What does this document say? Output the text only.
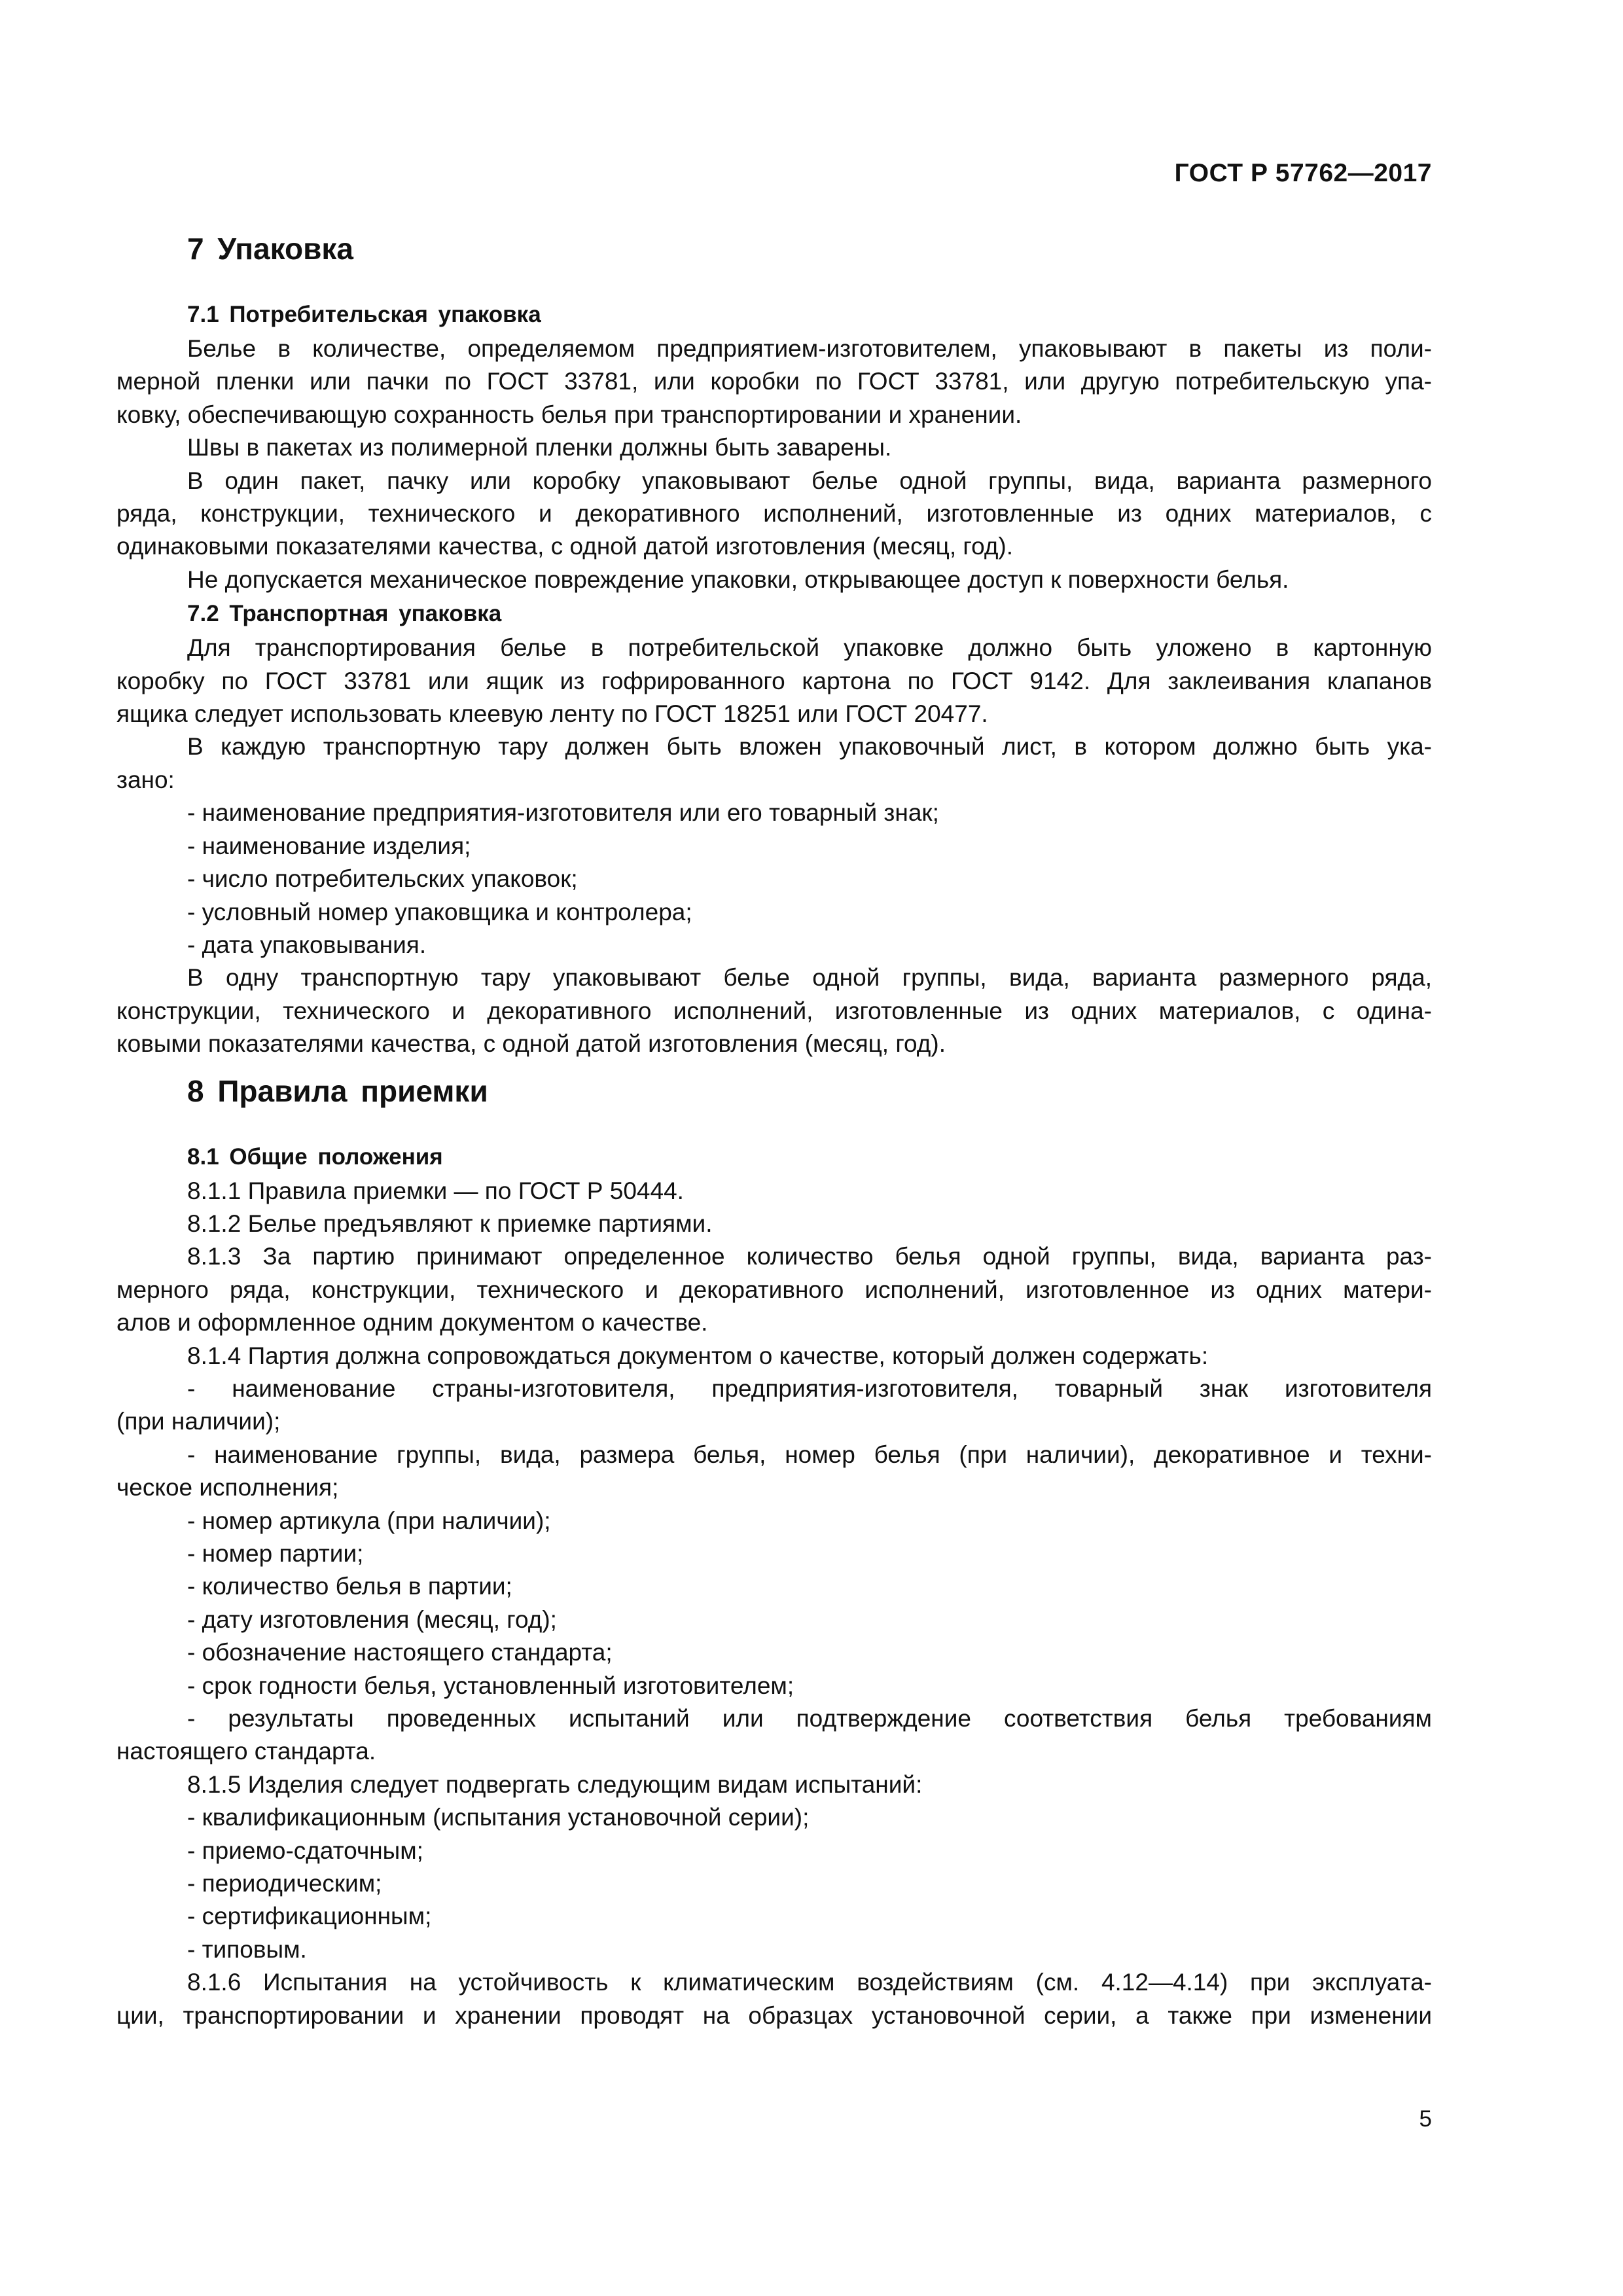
ГОСТ Р 57762—2017
7 Упаковка
7.1 Потребительская упаковка
Белье в количестве, определяемом предприятием-изготовителем, упаковывают в пакеты из поли-
мерной пленки или пачки по ГОСТ 33781, или коробки по ГОСТ 33781, или другую потребительскую упа-
ковку, обеспечивающую сохранность белья при транспортировании и хранении.
Швы в пакетах из полимерной пленки должны быть заварены.
В один пакет, пачку или коробку упаковывают белье одной группы, вида, варианта размерного
ряда, конструкции, технического и декоративного исполнений, изготовленные из одних материалов, с
одинаковыми показателями качества, с одной датой изготовления (месяц, год).
Не допускается механическое повреждение упаковки, открывающее доступ к поверхности белья.
7.2 Транспортная упаковка
Для транспортирования белье в потребительской упаковке должно быть уложено в картонную
коробку по ГОСТ 33781 или ящик из гофрированного картона по ГОСТ 9142. Для заклеивания клапанов
ящика следует использовать клеевую ленту по ГОСТ 18251 или ГОСТ 20477.
В каждую транспортную тару должен быть вложен упаковочный лист, в котором должно быть ука-
зано:
- наименование предприятия-изготовителя или его товарный знак;
- наименование изделия;
- число потребительских упаковок;
- условный номер упаковщика и контролера;
- дата упаковывания.
В одну транспортную тару упаковывают белье одной группы, вида, варианта размерного ряда,
конструкции, технического и декоративного исполнений, изготовленные из одних материалов, с одина-
ковыми показателями качества, с одной датой изготовления (месяц, год).
8 Правила приемки
8.1 Общие положения
8.1.1 Правила приемки — по ГОСТ Р 50444.
8.1.2 Белье предъявляют к приемке партиями.
8.1.3 За партию принимают определенное количество белья одной группы, вида, варианта раз-
мерного ряда, конструкции, технического и декоративного исполнений, изготовленное из одних матери-
алов и оформленное одним документом о качестве.
8.1.4 Партия должна сопровождаться документом о качестве, который должен содержать:
- наименование страны-изготовителя, предприятия-изготовителя, товарный знак изготовителя
(при наличии);
- наименование группы, вида, размера белья, номер белья (при наличии), декоративное и техни-
ческое исполнения;
- номер артикула (при наличии);
- номер партии;
- количество белья в партии;
- дату изготовления (месяц, год);
- обозначение настоящего стандарта;
- срок годности белья, установленный изготовителем;
- результаты проведенных испытаний или подтверждение соответствия белья требованиям
настоящего стандарта.
8.1.5 Изделия следует подвергать следующим видам испытаний:
- квалификационным (испытания установочной серии);
- приемо-сдаточным;
- периодическим;
- сертификационным;
- типовым.
8.1.6 Испытания на устойчивость к климатическим воздействиям (см. 4.12—4.14) при эксплуата-
ции, транспортировании и хранении проводят на образцах установочной серии, а также при изменении
5
